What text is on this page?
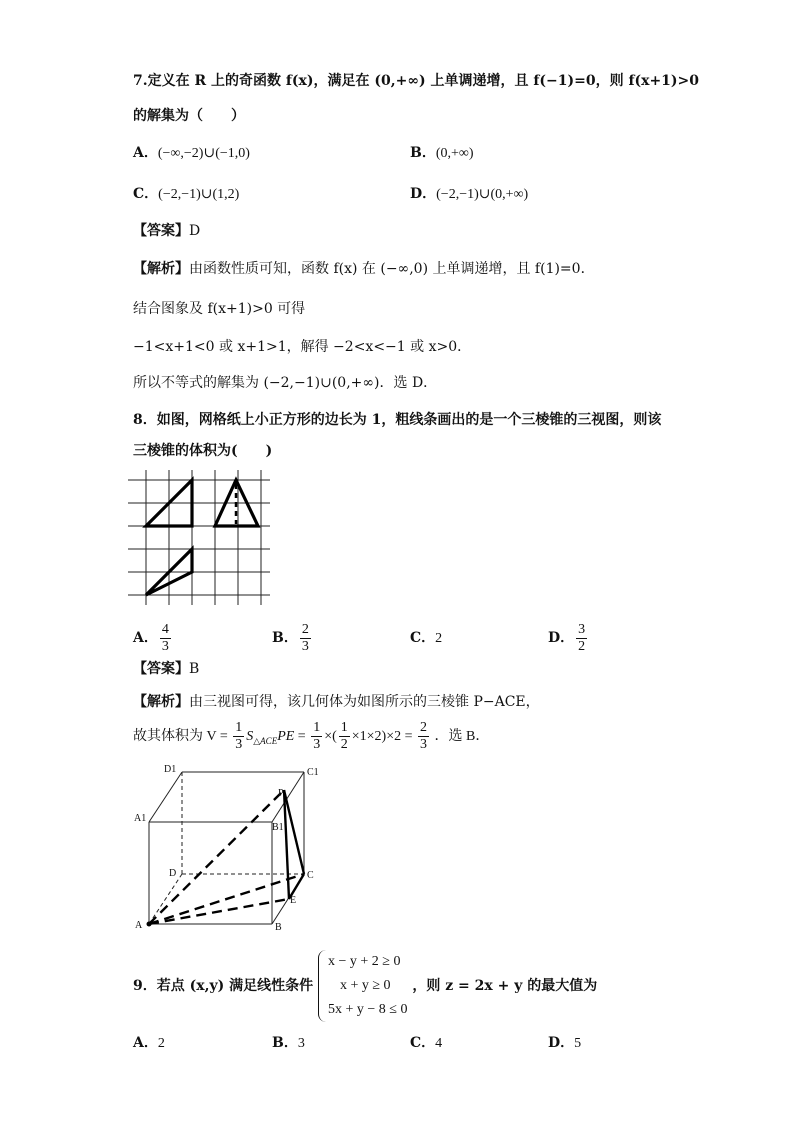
7.定义在 R 上的奇函数 f(x)，满足在 (0,+∞) 上单调递增，且 f(−1)=0，则 f(x+1)>0
的解集为（　　）
A．(−∞,−2)∪(−1,0)	B．(0,+∞)
C．(−2,−1)∪(1,2)	D．(−2,−1)∪(0,+∞)
【答案】D
【解析】由函数性质可知，函数 f(x) 在 (−∞,0) 上单调递增，且 f(1)=0．
结合图象及 f(x+1)>0 可得
−1<x+1<0 或 x+1>1，解得 −2<x<−1 或 x>0．
所以不等式的解集为 (−2,−1)∪(0,+∞)．选 D．
8．如图，网格纸上小正方形的边长为 1，粗线条画出的是一个三棱锥的三视图，则该
三棱锥的体积为(　　)
A． $\frac{4}{3}$	B． $\frac{2}{3}$	C．2	D． $\frac{3}{2}$
【答案】B
【解析】由三视图可得，该几何体为如图所示的三棱锥 P−ACE，
故其体积为 $V = \frac{1}{3} S_{\triangle ACE}PE = \frac{1}{3}$ ×( $\frac{1}{2} \times 1\times 2)\times 2 = \frac{2}{3}$ ．选 B．
D1	C1
A1
B1
P
D	C
E
A	B
9．若点 (x,y) 满足线性条件
x − y + 2 ≥ 0
x + y ≥ 0
5x + y − 8 ≤ 0
，则 z = 2x + y 的最大值为
A．2	B．3	C．4	D．5
